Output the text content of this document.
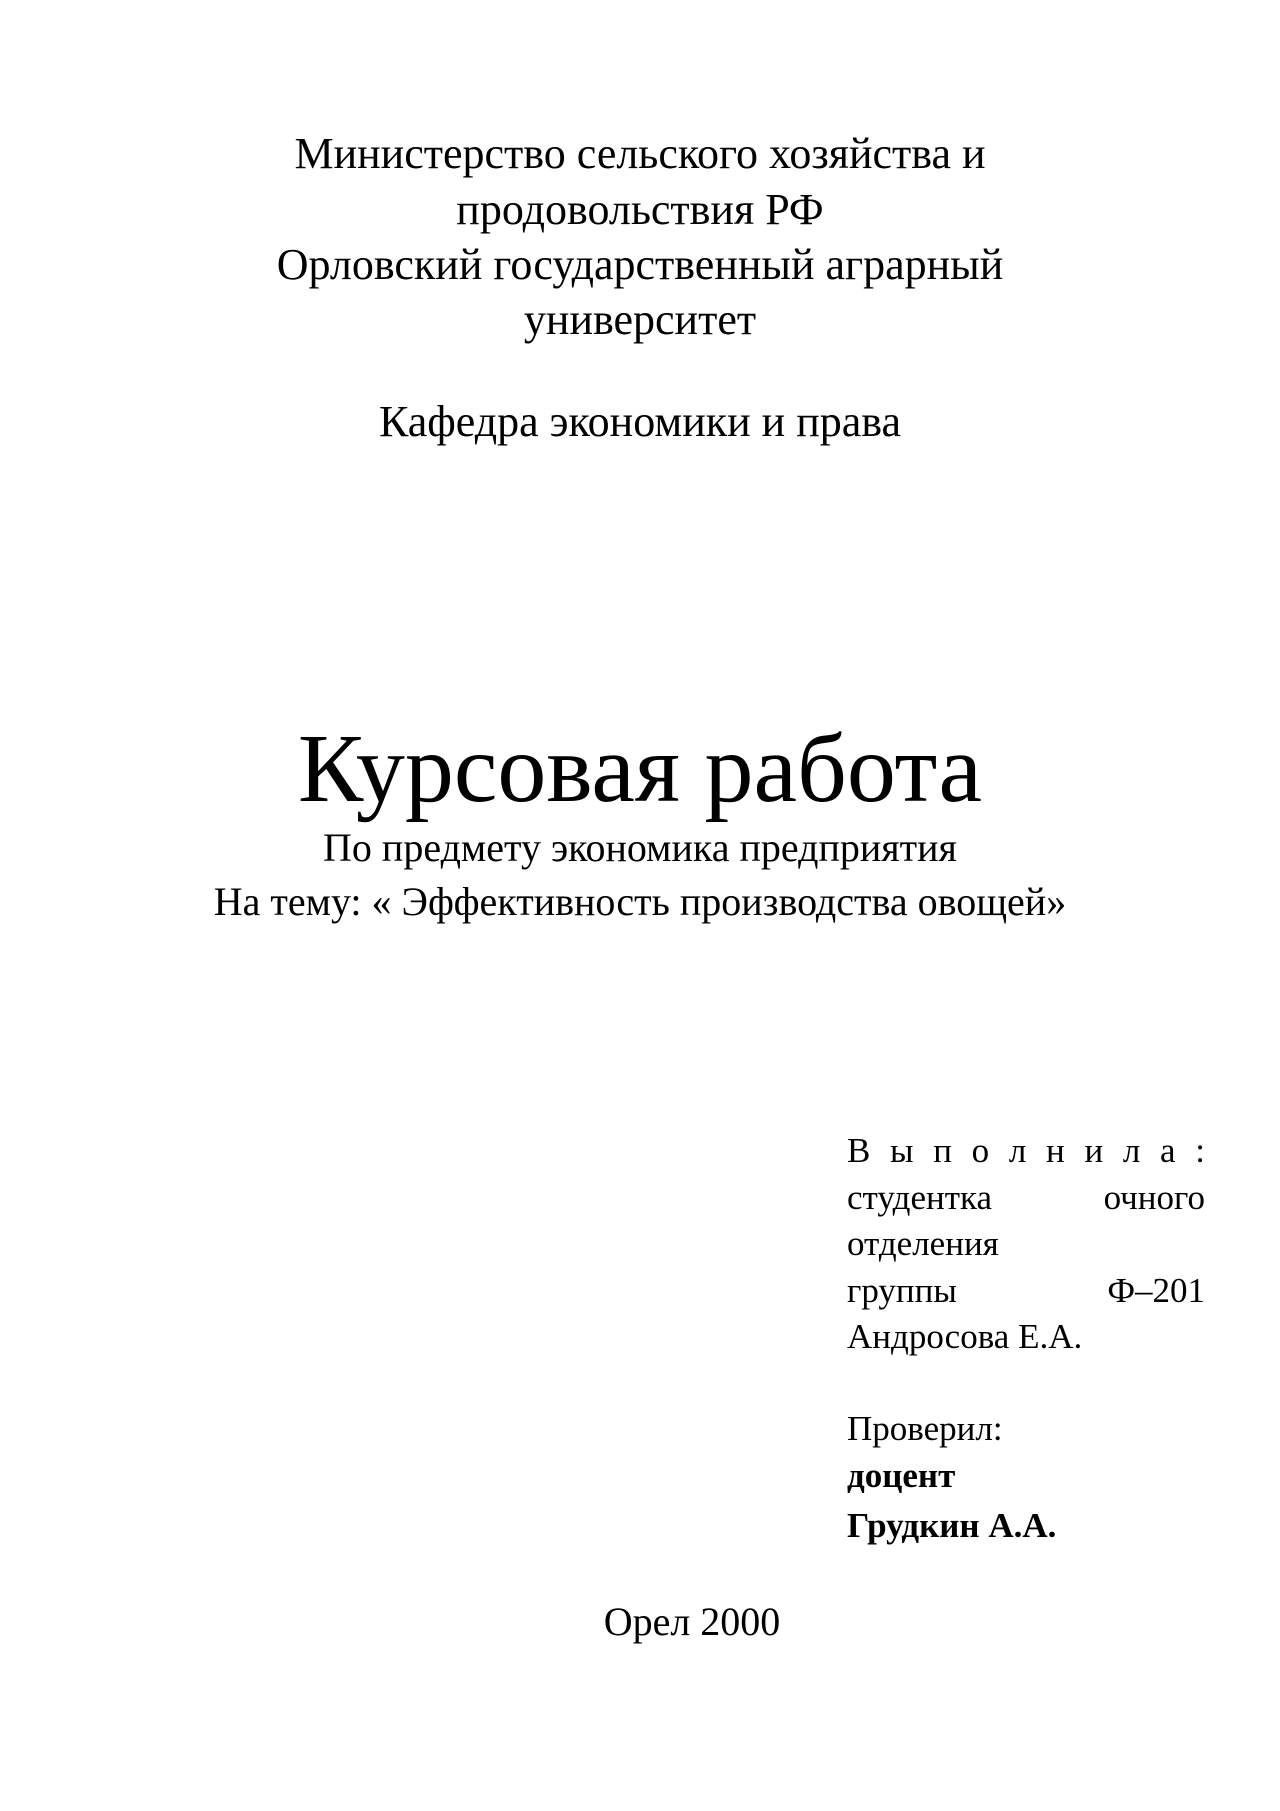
Министерство сельского хозяйства и
продовольствия РФ
Орловский государственный аграрный
университет
Кафедра экономики и права
Курсовая работа
По предмету экономика предприятия
На тему: « Эффективность производства овощей»
В ы п о л н и л а :
студентка	очного
отделения
группы	Ф–201
Андросова Е.А.
Проверил:
доцент
Грудкин А.А.
Орел 2000
